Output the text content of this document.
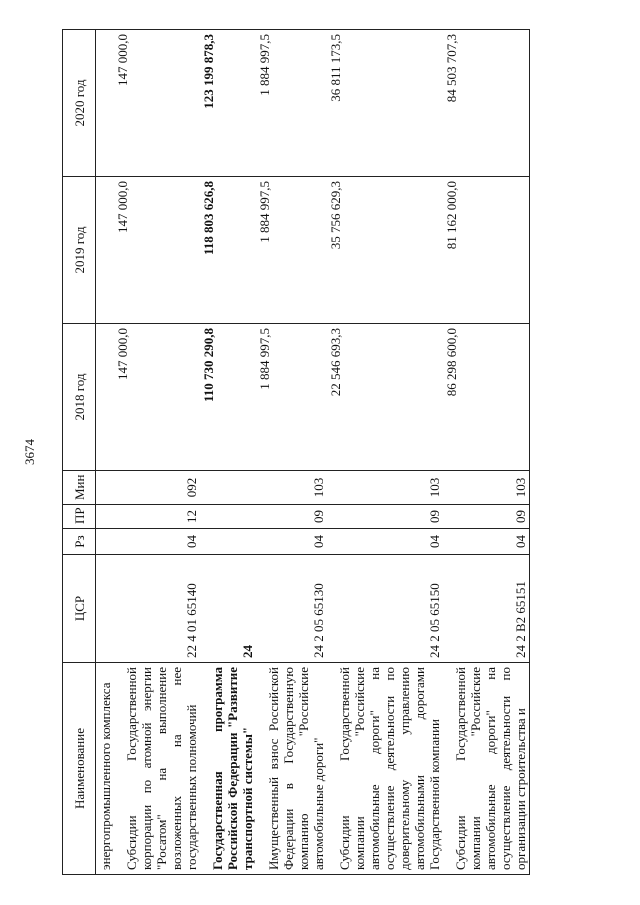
3674
Наименование	ЦСР	Рз	ПР	Мин	2018 год	2019 год	2020 год
энергопромышленного комплекса							
Субсидии Государственной корпорации по атомной энергии "Росатом" на выполнение возложенных на нее государственных полномочий	22 4 01 65140	04	12	092	147 000,0	147 000,0	147 000,0
Государственная программа Российской Федерации "Развитие транспортной системы"	24				110 730 290,8	118 803 626,8	123 199 878,3
Имущественный взнос Российской Федерации в Государственную компанию "Российские автомобильные дороги"	24 2 05 65130	04	09	103	1 884 997,5	1 884 997,5	1 884 997,5
Субсидии Государственной компании "Российские автомобильные дороги" на осуществление деятельности по доверительному управлению автомобильными дорогами Государственной компании	24 2 05 65150	04	09	103	22 546 693,3	35 756 629,3	36 811 173,5
Субсидии Государственной компании "Российские автомобильные дороги" на осуществление деятельности по организации строительства и	24 2 В2 65151	04	09	103	86 298 600,0	81 162 000,0	84 503 707,3
